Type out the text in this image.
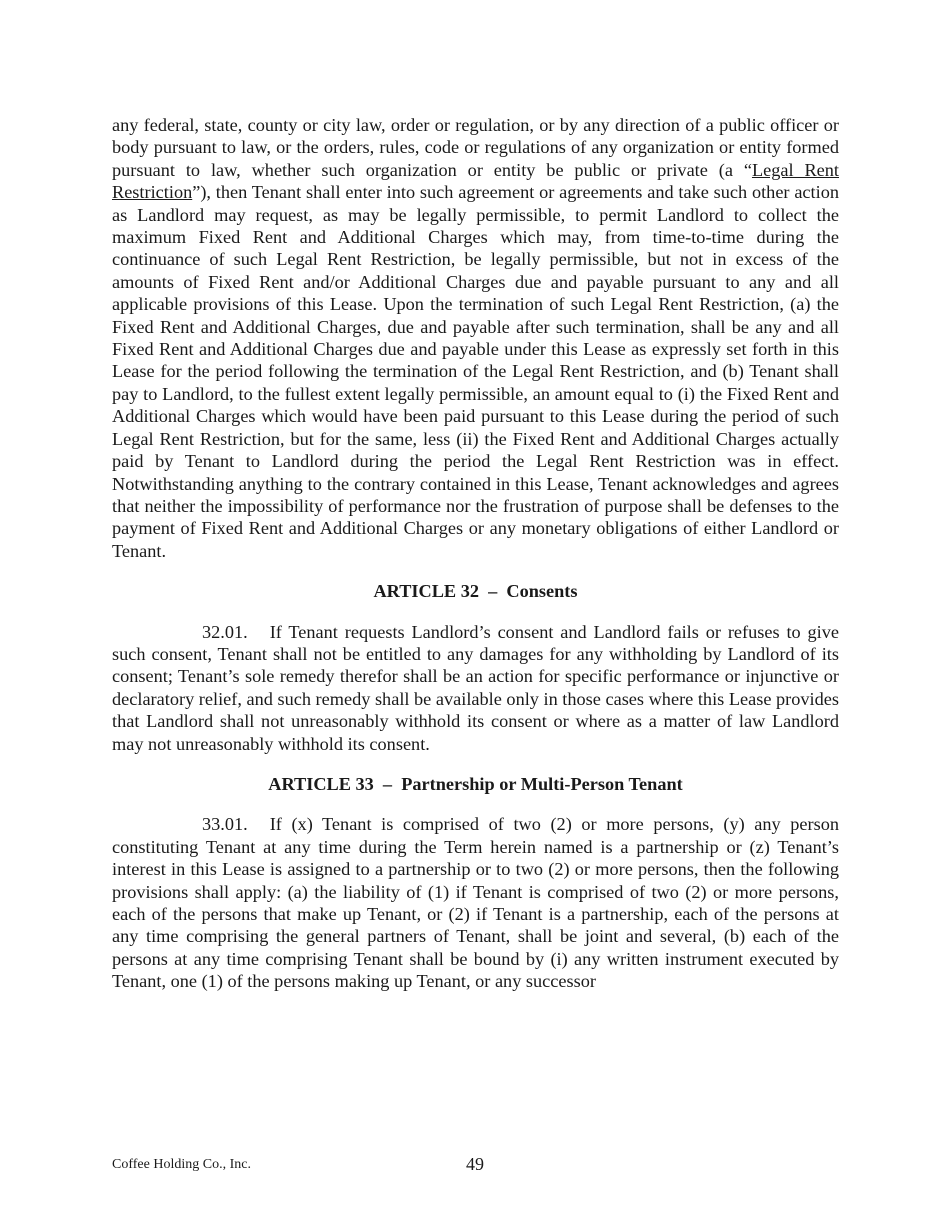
any federal, state, county or city law, order or regulation, or by any direction of a public officer or body pursuant to law, or the orders, rules, code or regulations of any organization or entity formed pursuant to law, whether such organization or entity be public or private (a “Legal Rent Restriction”), then Tenant shall enter into such agreement or agreements and take such other action as Landlord may request, as may be legally permissible, to permit Landlord to collect the maximum Fixed Rent and Additional Charges which may, from time-to-time during the continuance of such Legal Rent Restriction, be legally permissible, but not in excess of the amounts of Fixed Rent and/or Additional Charges due and payable pursuant to any and all applicable provisions of this Lease. Upon the termination of such Legal Rent Restriction, (a) the Fixed Rent and Additional Charges, due and payable after such termination, shall be any and all Fixed Rent and Additional Charges due and payable under this Lease as expressly set forth in this Lease for the period following the termination of the Legal Rent Restriction, and (b) Tenant shall pay to Landlord, to the fullest extent legally permissible, an amount equal to (i) the Fixed Rent and Additional Charges which would have been paid pursuant to this Lease during the period of such Legal Rent Restriction, but for the same, less (ii) the Fixed Rent and Additional Charges actually paid by Tenant to Landlord during the period the Legal Rent Restriction was in effect. Notwithstanding anything to the contrary contained in this Lease, Tenant acknowledges and agrees that neither the impossibility of performance nor the frustration of purpose shall be defenses to the payment of Fixed Rent and Additional Charges or any monetary obligations of either Landlord or Tenant.

ARTICLE 32  –  Consents

32.01. If Tenant requests Landlord’s consent and Landlord fails or refuses to give such consent, Tenant shall not be entitled to any damages for any withholding by Landlord of its consent; Tenant’s sole remedy therefor shall be an action for specific performance or injunctive or declaratory relief, and such remedy shall be available only in those cases where this Lease provides that Landlord shall not unreasonably withhold its consent or where as a matter of law Landlord may not unreasonably withhold its consent.

ARTICLE 33  –  Partnership or Multi-Person Tenant

33.01. If (x) Tenant is comprised of two (2) or more persons, (y) any person constituting Tenant at any time during the Term herein named is a partnership or (z) Tenant’s interest in this Lease is assigned to a partnership or to two (2) or more persons, then the following provisions shall apply: (a) the liability of (1) if Tenant is comprised of two (2) or more persons, each of the persons that make up Tenant, or (2) if Tenant is a partnership, each of the persons at any time comprising the general partners of Tenant, shall be joint and several, (b) each of the persons at any time comprising Tenant shall be bound by (i) any written instrument executed by Tenant, one (1) of the persons making up Tenant, or any successor

Coffee Holding Co., Inc.	49
